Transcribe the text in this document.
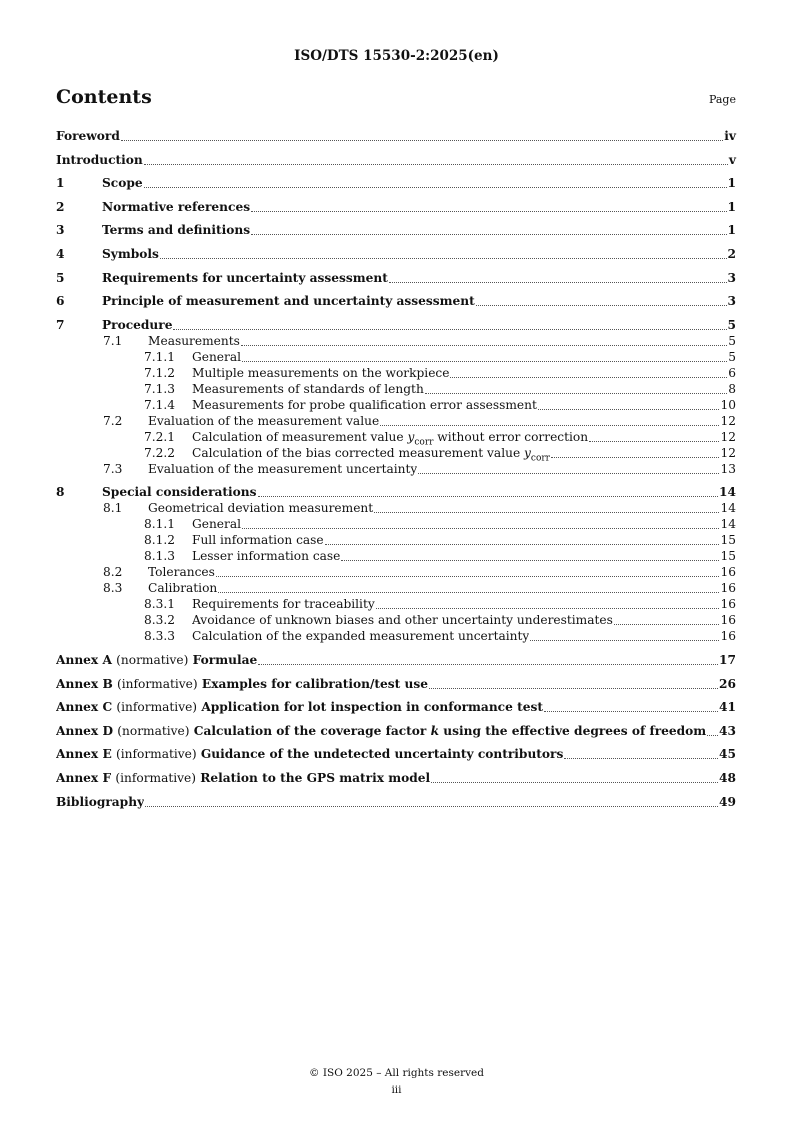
ISO/DTS 15530-2:2025(en)
Contents	Page
Foreword	iv
Introduction	v
1	Scope	1
2	Normative references	1
3	Terms and definitions	1
4	Symbols	2
5	Requirements for uncertainty assessment	3
6	Principle of measurement and uncertainty assessment	3
7	Procedure	5
7.1	Measurements	5
7.1.1	General	5
7.1.2	Multiple measurements on the workpiece	6
7.1.3	Measurements of standards of length	8
7.1.4	Measurements for probe qualification error assessment	10
7.2	Evaluation of the measurement value	12
7.2.1	Calculation of measurement value $y_{corr}$ without error correction	12
7.2.2	Calculation of the bias corrected measurement value $y_{corr}$	12
7.3	Evaluation of the measurement uncertainty	13
8	Special considerations	14
8.1	Geometrical deviation measurement	14
8.1.1	General	14
8.1.2	Full information case	15
8.1.3	Lesser information case	15
8.2	Tolerances	16
8.3	Calibration	16
8.3.1	Requirements for traceability	16
8.3.2	Avoidance of unknown biases and other uncertainty underestimates	16
8.3.3	Calculation of the expanded measurement uncertainty	16
Annex A (normative) Formulae	17
Annex B (informative) Examples for calibration/test use	26
Annex C (informative) Application for lot inspection in conformance test	41
Annex D (normative) Calculation of the coverage factor k using the effective degrees of freedom 43
Annex E (informative) Guidance of the undetected uncertainty contributors	45
Annex F (informative) Relation to the GPS matrix model	48
Bibliography	49
© ISO 2025 – All rights reserved
iii
